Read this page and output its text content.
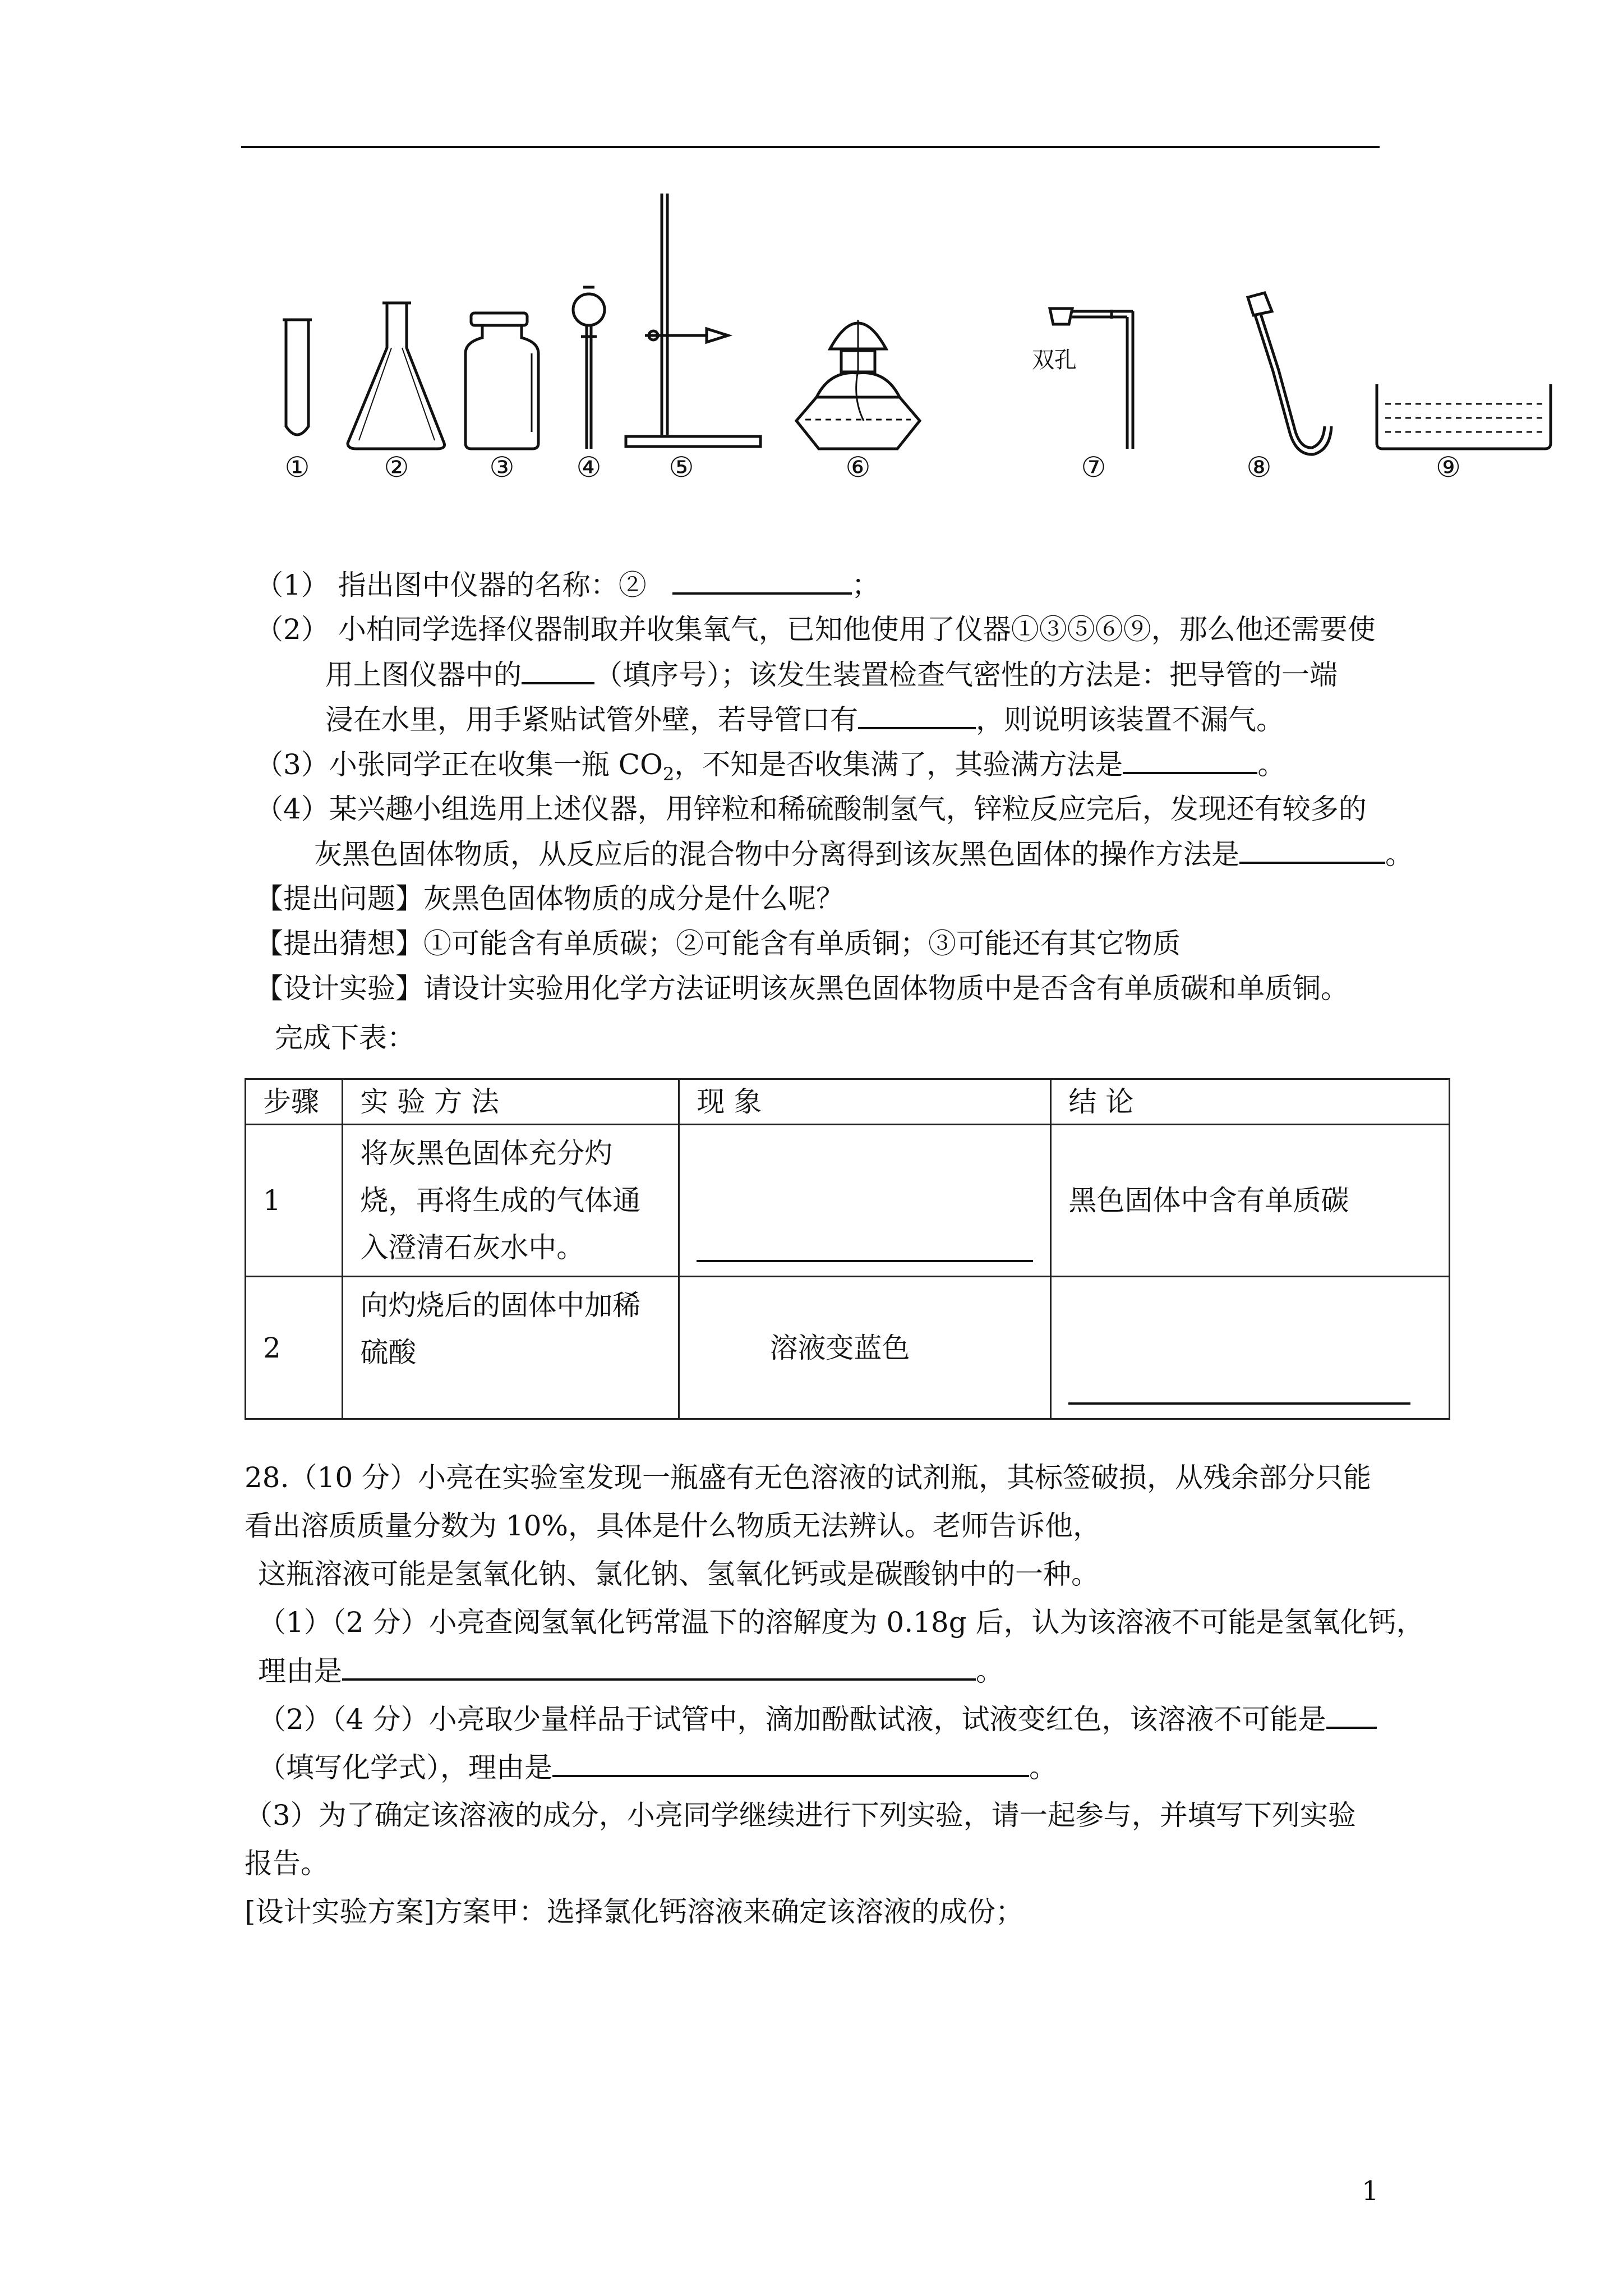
双孔
①	②	③ ④ ⑤	⑥	⑦	⑧	⑨
（1） 指出图中仪器的名称：②	；
（2） 小柏同学选择仪器制取并收集氧气，已知他使用了仪器①③⑤⑥⑨，那么他还需要使
用上图仪器中的	（填序号）；该发生装置检查气密性的方法是：把导管的一端
浸在水里，用手紧贴试管外壁，若导管口有	，则说明该装置不漏气。
（3）小张同学正在收集一瓶 $CO_2$，不知是否收集满了，其验满方法是	。
（4）某兴趣小组选用上述仪器，用锌粒和稀硫酸制氢气，锌粒反应完后，发现还有较多的
灰黑色固体物质，从反应后的混合物中分离得到该灰黑色固体的操作方法是	。
【提出问题】灰黑色固体物质的成分是什么呢？
【提出猜想】①可能含有单质碳；②可能含有单质铜；③可能还有其它物质
【设计实验】请设计实验用化学方法证明该灰黑色固体物质中是否含有单质碳和单质铜。
完成下表：
步骤	实 验 方 法	现 象	结 论
1	将灰黑色固体充分灼烧，再将生成的气体通入澄清石灰水中。		黑色固体中含有单质碳
2	向灼烧后的固体中加稀硫酸	溶液变蓝色	
28.（10 分）小亮在实验室发现一瓶盛有无色溶液的试剂瓶，其标签破损，从残余部分只能
看出溶质质量分数为 10%，具体是什么物质无法辨认。老师告诉他，
这瓶溶液可能是氢氧化钠、氯化钠、氢氧化钙或是碳酸钠中的一种。
（1）（2 分）小亮查阅氢氧化钙常温下的溶解度为 0.18g 后，认为该溶液不可能是氢氧化钙，
理由是	。
（2）（4 分）小亮取少量样品于试管中，滴加酚酞试液，试液变红色，该溶液不可能是
（填写化学式），理由是	。
（3）为了确定该溶液的成分，小亮同学继续进行下列实验，请一起参与，并填写下列实验
报告。
[设计实验方案]方案甲：选择氯化钙溶液来确定该溶液的成份；
1
